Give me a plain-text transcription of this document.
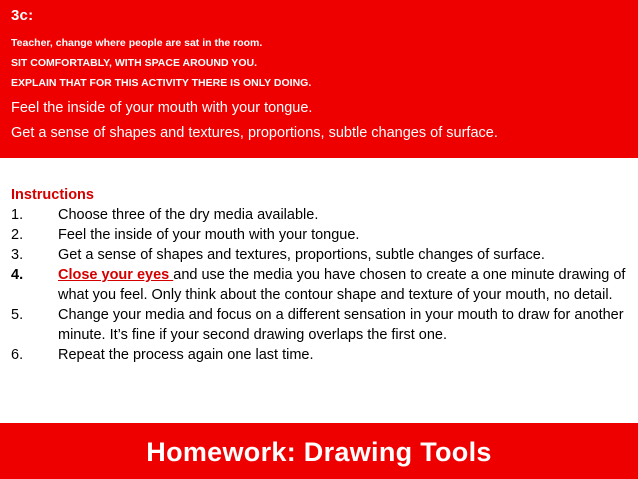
3c:
Teacher, change where people are sat in the room.
SIT COMFORTABLY, WITH SPACE AROUND YOU.
EXPLAIN THAT FOR THIS ACTIVITY THERE IS ONLY DOING.
Feel the inside of your mouth with your tongue.
Get a sense of shapes and textures, proportions, subtle changes of surface.
Instructions
1.	Choose three of the dry media available.
2.	Feel the inside of your mouth with your tongue.
3.	Get a sense of shapes and textures, proportions, subtle changes of surface.
4.	Close your eyes and use the media you have chosen to create a one minute drawing of what you feel. Only think about the contour shape and texture of your mouth, no detail.
5.	Change your media and focus on a different sensation in your mouth to draw for another minute. It’s fine if your second drawing overlaps the first one.
6.	Repeat the process again one last time.
Homework: Drawing Tools
